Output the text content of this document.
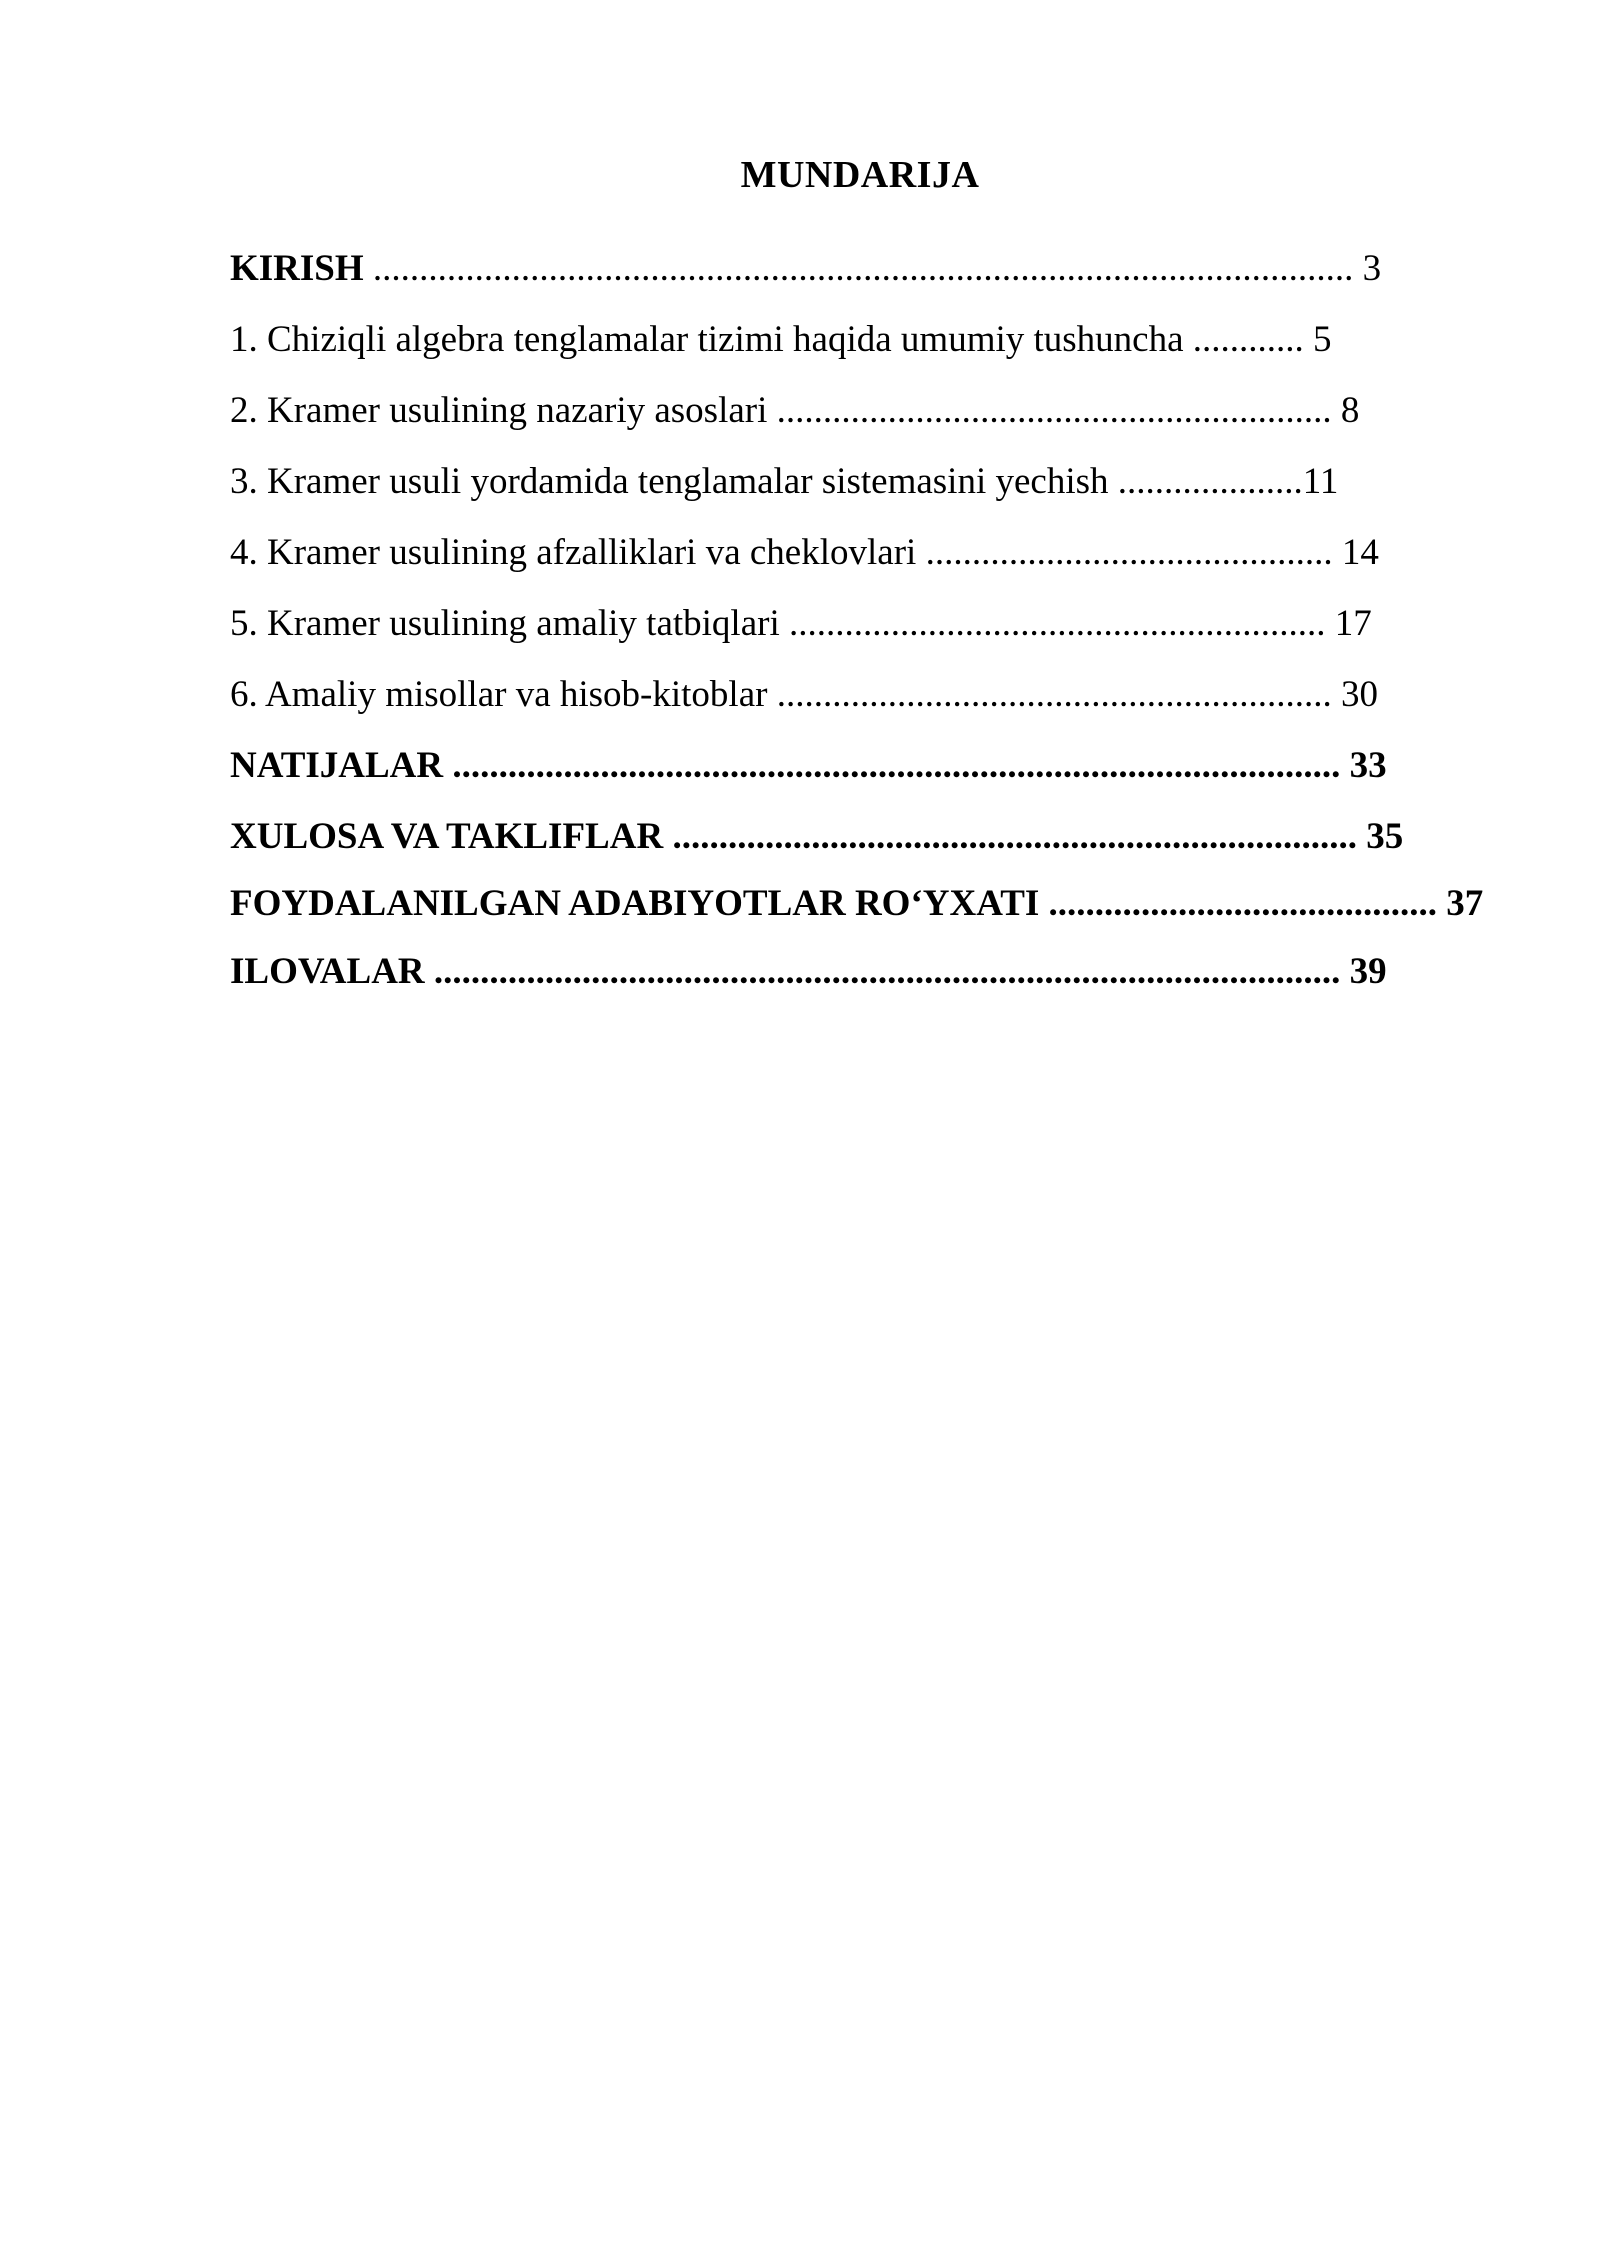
MUNDARIJA
KIRISH .......................................................................................................... 3
1. Chiziqli algebra tenglamalar tizimi haqida umumiy tushuncha ............ 5
2. Kramer usulining nazariy asoslari ............................................................ 8
3. Kramer usuli yordamida tenglamalar sistemasini yechish ....................11
4. Kramer usulining afzalliklari va cheklovlari ............................................ 14
5. Kramer usulining amaliy tatbiqlari .......................................................... 17
6. Amaliy misollar va hisob-kitoblar ............................................................ 30
NATIJALAR ................................................................................................ 33
XULOSA VA TAKLIFLAR .......................................................................... 35
FOYDALANILGAN ADABIYOTLAR RO‘YXATI .......................................... 37
ILOVALAR .................................................................................................. 39
